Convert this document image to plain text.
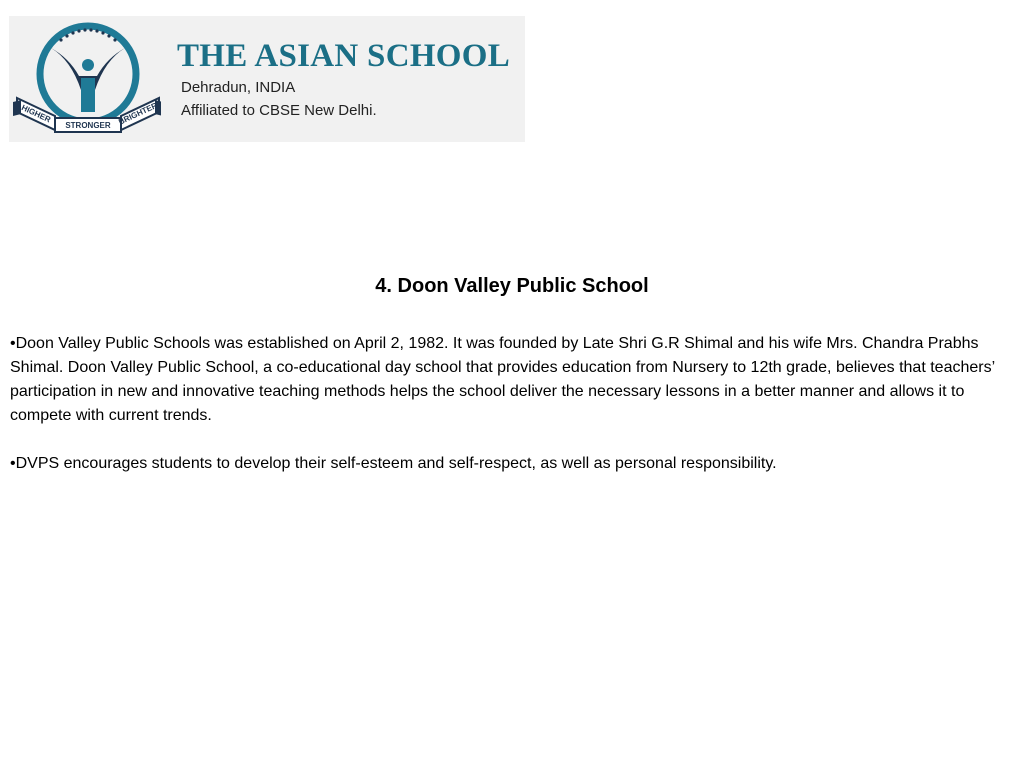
HIGHER
STRONGER BRIGHTER
THE ASIAN SCHOOL
Dehradun, INDIA
Affiliated to CBSE New Delhi.
4. Doon Valley Public School

•Doon Valley Public Schools was established on April 2, 1982. It was founded by Late Shri G.R Shimal and his wife Mrs. Chandra Prabhs Shimal. Doon Valley Public School, a co-educational day school that provides education from Nursery to 12th grade, believes that teachers’ participation in new and innovative teaching methods helps the school deliver the necessary lessons in a better manner and allows it to compete with current trends.

•DVPS encourages students to develop their self-esteem and self-respect, as well as personal responsibility.
